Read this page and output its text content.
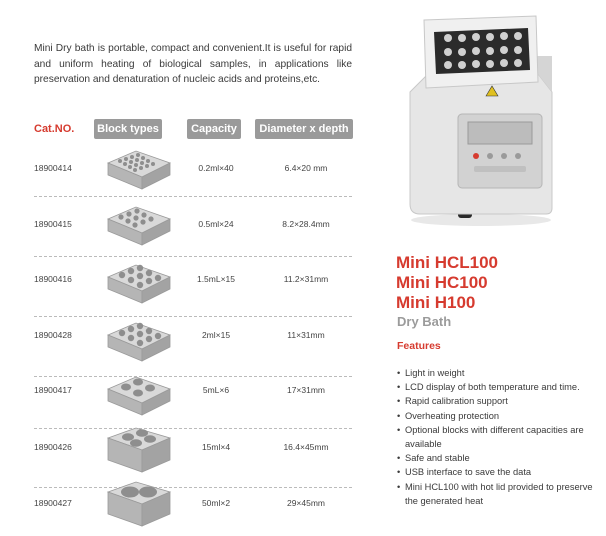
Mini Dry bath is portable, compact and convenient.It is useful for rapid and uniform heating of biological samples, in applications like preservation and denaturation of nucleic acids and proteins,etc.

Cat.NO. Block types	Capacity	Diameter x depth
18900414	0.2ml×40	6.4×20 mm
18900415	0.5ml×24	8.2×28.4mm
18900416	1.5mL×15	11.2×31mm
18900428	2ml×15	11×31mm
18900417	5mL×6	17×31mm
18900426	15ml×4	16.4×45mm
18900427	50ml×2	29×45mm
Mini HCL100
Mini HC100
Mini H100
Dry Bath
Features
• Light in weight
• LCD display of both temperature and time.
• Rapid calibration support
• Overheating protection
• Optional blocks with different capacities are available
• Safe and stable
• USB interface to save the data
• Mini HCL100 with hot lid provided to preserve the generated heat
